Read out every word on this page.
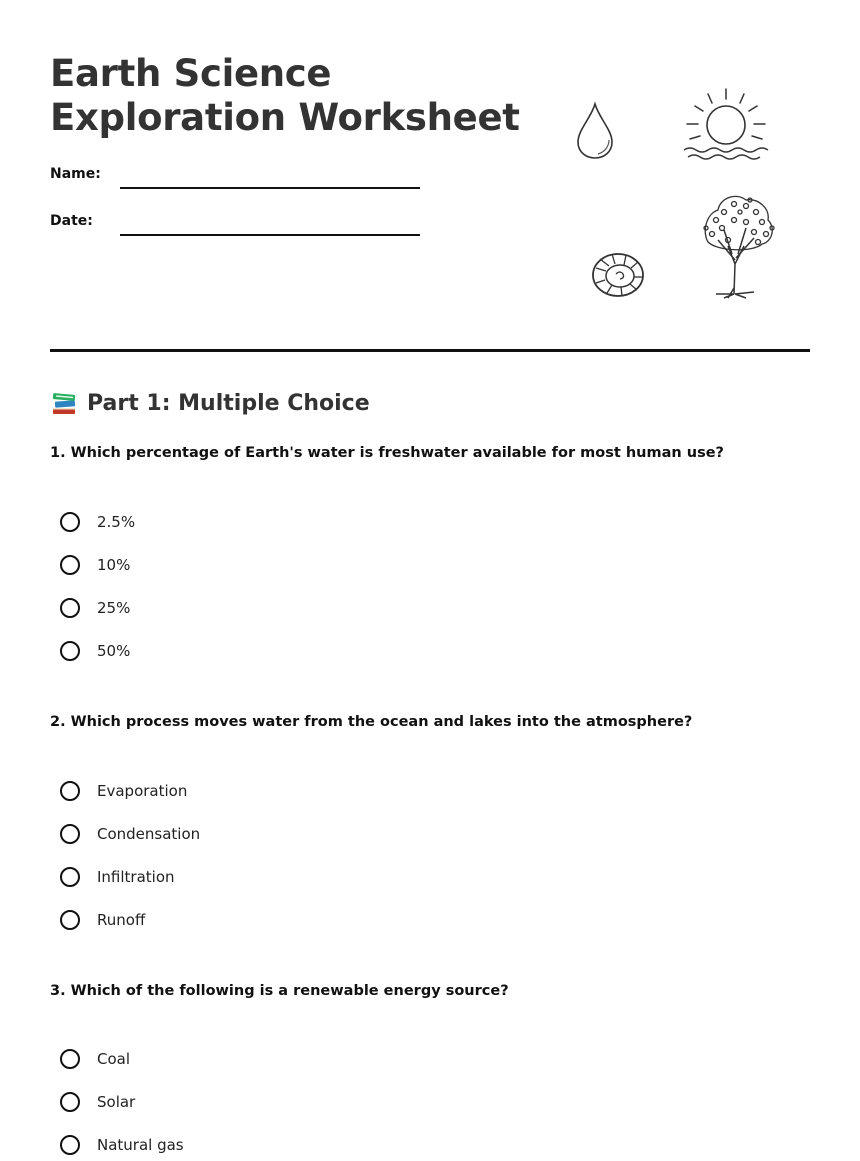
Earth Science
Exploration Worksheet
Name:
Date:
Part 1: Multiple Choice
1. Which percentage of Earth's water is freshwater available for most human use?
2.5%
10%
25%
50%
2. Which process moves water from the ocean and lakes into the atmosphere?
Evaporation
Condensation
Infiltration
Runoff
3. Which of the following is a renewable energy source?
Coal
Solar
Natural gas
